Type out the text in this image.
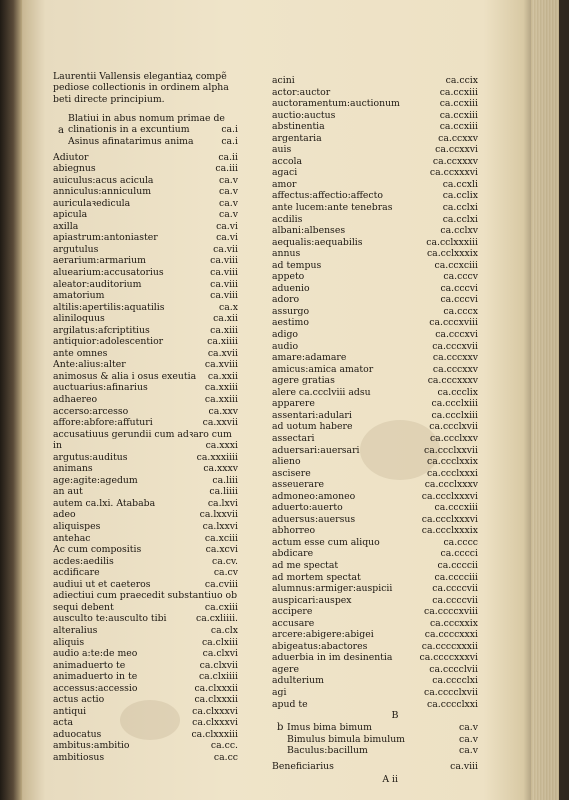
Laurentii Vallensis elegantiaꝝ compẽ
pediose collectionis in ordinem alpha
beti directe principium.
a
Blatiui in abus nomum primae de
clinationis in a excuntium	ca.i
Asinus afinatarimus anima	ca.i
Adiutor	ca.ii
abiegnus	ca.iii
auiculus:acus acicula	ca.v
anniculus:anniculum	ca.v
auriculaꝛedicula	ca.v
apicula	ca.v
axilla	ca.vi
apiastrum:antoniaster	ca.vi
argutulus	ca.vii
aerarium:armarium	ca.viii
aluearium:accusatorius	ca.viii
aleator:auditorium	ca.viii
amatorium	ca.viii
altilis:apertilis:aquatilis	ca.x
aliniloquus	ca.xii
argilatus:afcriptitius	ca.xiii
antiquior:adolescentior	ca.xiiii
ante omnes	ca.xvii
Ante:alius:alter	ca.xviii
animosus & alia i osus exeutia ca.xxii
auctuarius:afinarius	ca.xxiii
adhaereo	ca.xxiii
accerso:arcesso	ca.xxv
affore:abfore:affuturi	ca.xxvii
accusatiuus gerundii cum adꝛaro cum
in	ca.xxxi
argutus:auditus	ca.xxxiiii
animans	ca.xxxv
age:agite:agedum	ca.liii
an aut	ca.liiii
autem ca.lxi. Atababa	ca.lxvi
adeo	ca.lxxvii
aliquispes	ca.lxxvi
antehac	ca.xciii
Ac cum compositis	ca.xcvi
acdes:aedilis	ca.cv.
acdificare	ca.cv
audiui ut et caeteros	ca.cviii
adiectiui cum praecedit substantiuo ob
sequi debent	ca.cxiii
ausculto te:ausculto tibi	ca.cxliiii.
alteralius	ca.clx
aliquis	ca.clxiii
audio a:te:de meo	ca.clxvi
animaduerto te	ca.clxvii
animaduerto in te	ca.clxiiii
accessus:accessio	ca.clxxxii
actus actio	ca.clxxxii
antiqui	ca.clxxxvi
acta	ca.clxxxvi
aduocatus	ca.clxxxiii
ambitus:ambitio	ca.cc.
ambitiosus	ca.cc
acini	ca.ccix
actor:auctor	ca.ccxiii
auctoramentum:auctionum	ca.ccxiii
auctio:auctus	ca.ccxiii
abstinentia	ca.ccxiii
argentaria	ca.ccxxv
auis	ca.ccxxvi
accola	ca.ccxxxv
agaci	ca.ccxxxvi
amor	ca.ccxli
affectus:affectio:affecto	ca.cclix
ante lucem:ante tenebras	ca.cclxi
acdilis	ca.cclxi
albani:albenses	ca.cclxv
aequalis:aequabilis	ca.cclxxxiii
annus	ca.cclxxxix
ad tempus	ca.ccxciii
appeto	ca.cccv
aduenio	ca.cccvi
adoro	ca.cccvi
assurgo	ca.cccx
aestimo	ca.cccxviii
adigo	ca.cccxvi
audio	ca.cccxvii
amare:adamare	ca.cccxxv
amicus:amica amator	ca.cccxxv
agere gratias	ca.cccxxxv
alere ca.ccclviii adsu	ca.ccclix
apparere	ca.ccclxiii
assentari:adulari	ca.ccclxiii
ad uotum habere	ca.ccclxvii
assectari	ca.ccclxxv
aduersari:auersari	ca.ccclxxvii
alieno	ca.ccclxxix
ascisere	ca.ccclxxxi
asseuerare	ca.ccclxxxv
admoneo:amoneo	ca.ccclxxxvi
aduerto:auerto	ca.cccxiii
aduersus:auersus	ca.ccclxxxvi
abhorreo	ca.ccclxxxix
actum esse cum aliquo	ca.cccc
abdicare	ca.cccci
ad me spectat	ca.ccccii
ad mortem spectat	ca.cccciii
alumnus:armiger:auspicii	ca.ccccvii
auspicari:auspex	ca.ccccvii
accipere	ca.ccccxviii
accusare	ca.cccxxix
arcere:abigere:abigei	ca.ccccxxxi
abigeatus:abactores	ca.ccccxxxii
aduerbia in im desinentia	ca.ccccxxxvi
agere	ca.cccclvii
adulterium	ca.cccclxi
agi	ca.cccclxvii
apud te	ca.cccclxxi
B
b Imus bima bimum	ca.v
Bimulus bimula bimulum	ca.v
Baculus:bacillum	ca.v
Beneficiarius	ca.viii
A ii
